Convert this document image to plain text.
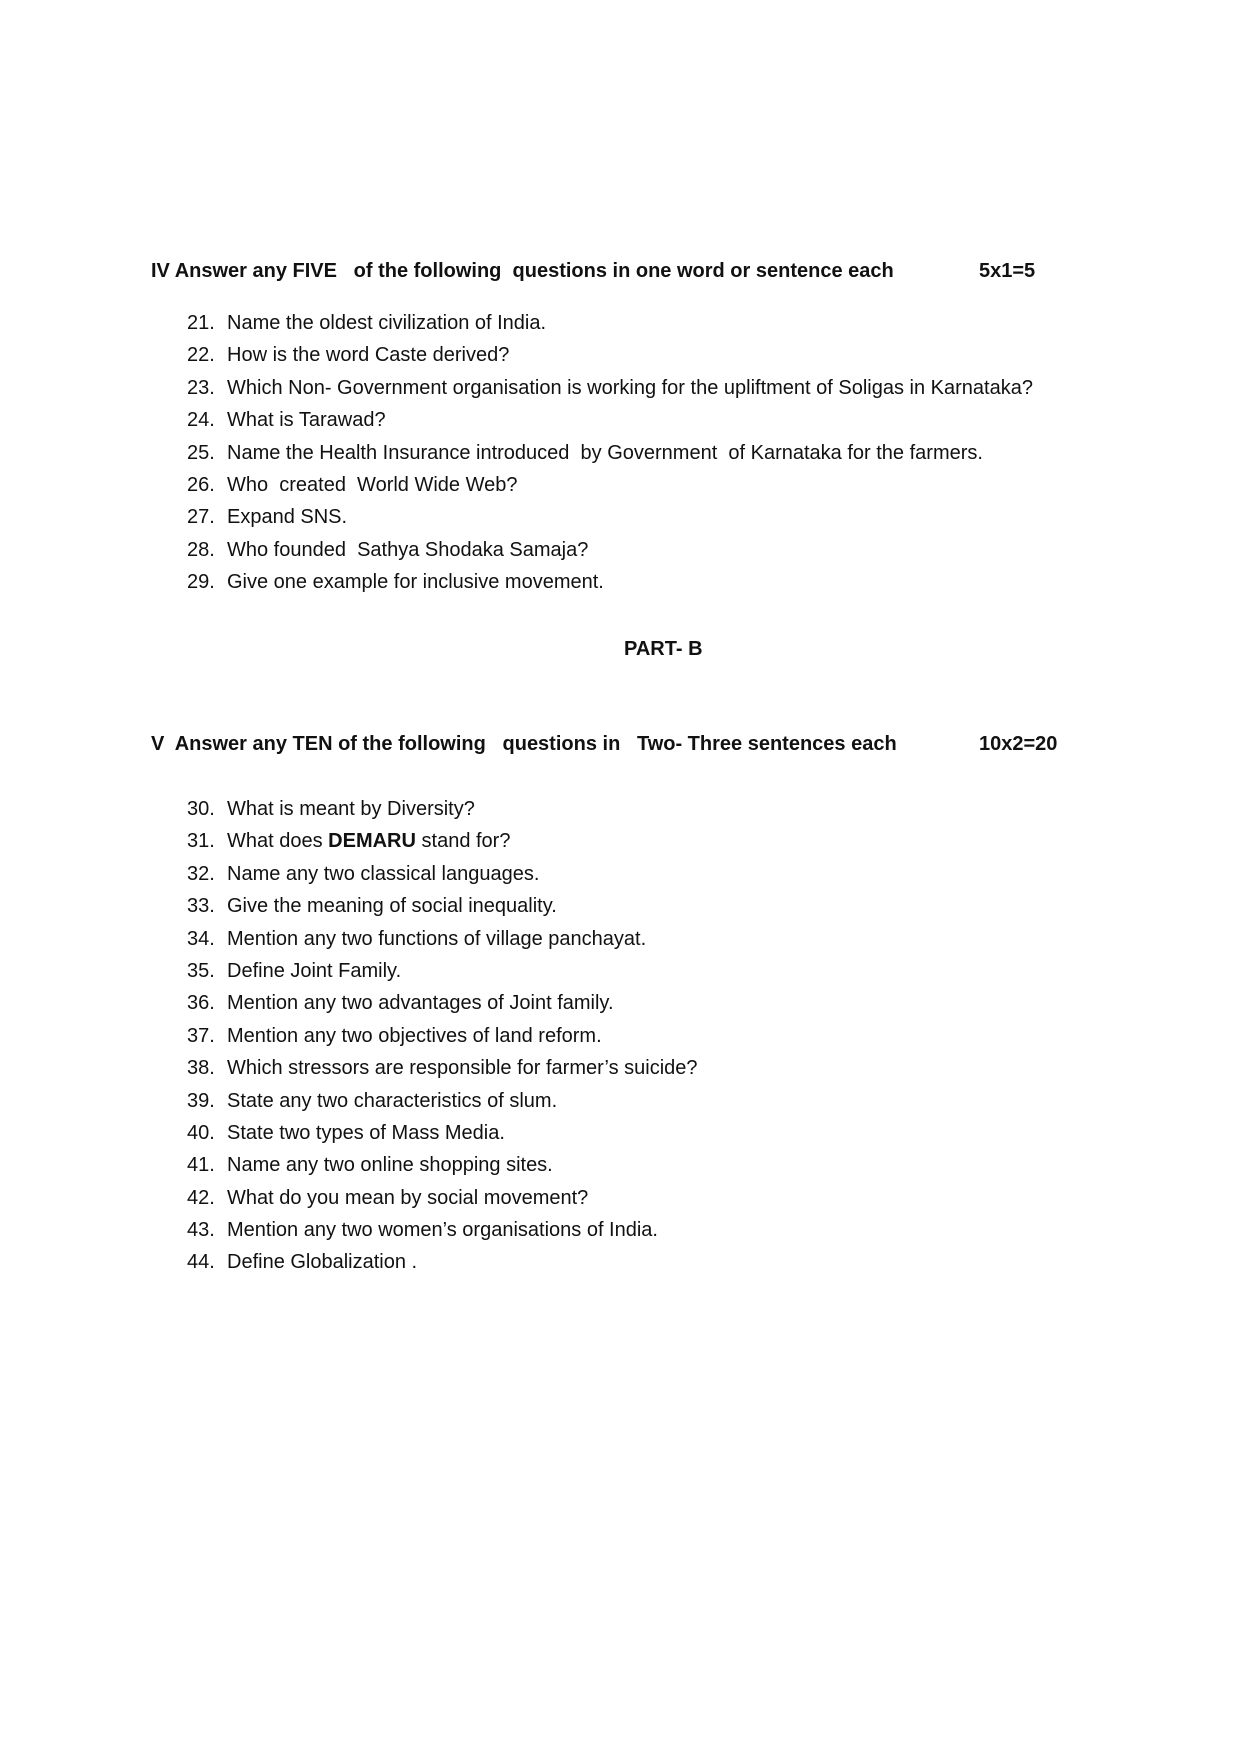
IV Answer any FIVE   of the following  questions in one word or sentence each	5x1=5
21. Name the oldest civilization of India.
22. How is the word Caste derived?
23. Which Non- Government organisation is working for the upliftment of Soligas in Karnataka?
24. What is Tarawad?
25. Name the Health Insurance introduced  by Government  of Karnataka for the farmers.
26. Who  created  World Wide Web?
27. Expand SNS.
28. Who founded  Sathya Shodaka Samaja?
29. Give one example for inclusive movement.
PART- B
V  Answer any TEN of the following   questions in   Two- Three sentences each	10x2=20
30. What is meant by Diversity?
31. What does DEMARU stand for?
32. Name any two classical languages.
33. Give the meaning of social inequality.
34. Mention any two functions of village panchayat.
35. Define Joint Family.
36. Mention any two advantages of Joint family.
37. Mention any two objectives of land reform.
38. Which stressors are responsible for farmer’s suicide?
39. State any two characteristics of slum.
40. State two types of Mass Media.
41. Name any two online shopping sites.
42. What do you mean by social movement?
43. Mention any two women’s organisations of India.
44. Define Globalization .
